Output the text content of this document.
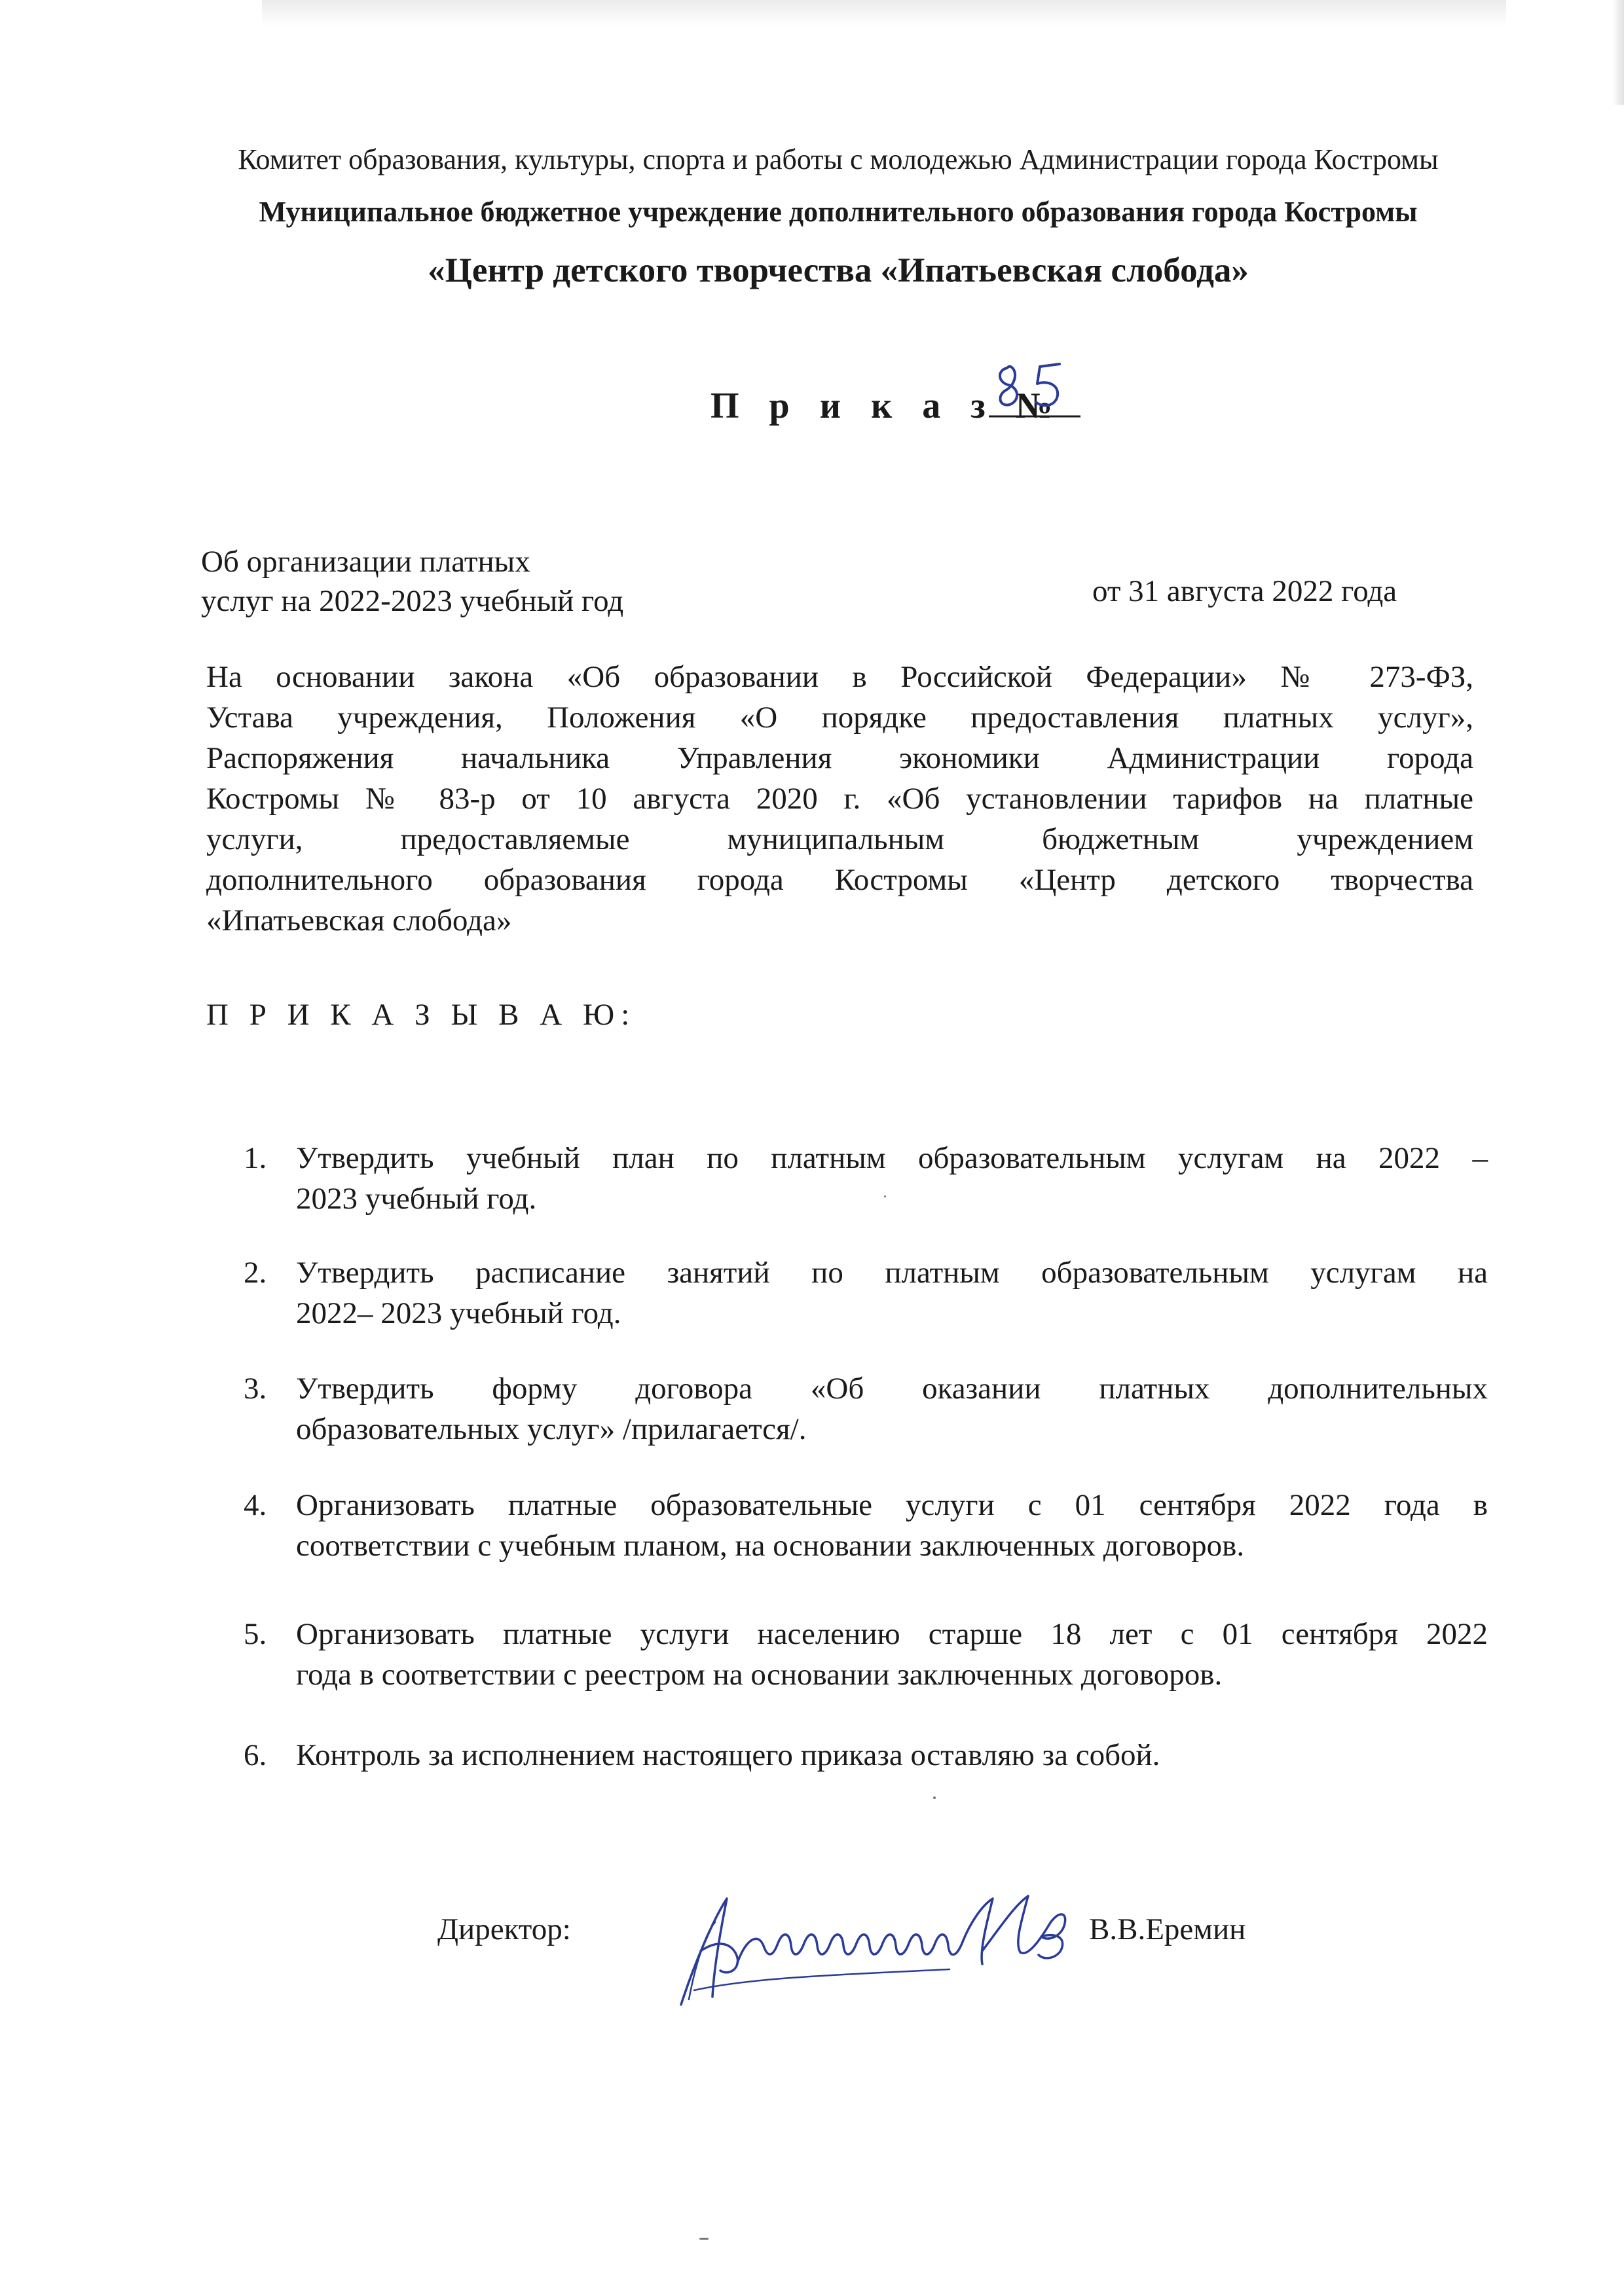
Комитет образования, культуры, спорта и работы с молодежью Администрации города Костромы
Муниципальное бюджетное учреждение дополнительного образования города Костромы
«Центр детского творчества «Ипатьевская слобода»
П р и к а з №
Об организации платных
услуг на 2022-2023 учебный год	от 31 августа 2022 года
На основании закона «Об образовании в Российской Федерации» № 273-ФЗ,
Устава учреждения, Положения «О порядке предоставления платных услуг»,
Распоряжения начальника Управления экономики Администрации города
Костромы № 83-р от 10 августа 2020 г. «Об установлении тарифов на платные
услуги, предоставляемые муниципальным бюджетным учреждением
дополнительного образования города Костромы «Центр детского творчества
«Ипатьевская слобода»
П Р И К А З Ы В А Ю:
1. Утвердить учебный план по платным образовательным услугам на 2022 –
2023 учебный год.
2. Утвердить расписание занятий по платным образовательным услугам на
2022– 2023 учебный год.
3. Утвердить форму договора «Об оказании платных дополнительных
образовательных услуг» /прилагается/.
4. Организовать платные образовательные услуги с 01 сентября 2022 года в
соответствии с учебным планом, на основании заключенных договоров.
5. Организовать платные услуги населению старше 18 лет с 01 сентября 2022
года в соответствии с реестром на основании заключенных договоров.
6. Контроль за исполнением настоящего приказа оставляю за собой.
Директор:	В.В.Еремин
